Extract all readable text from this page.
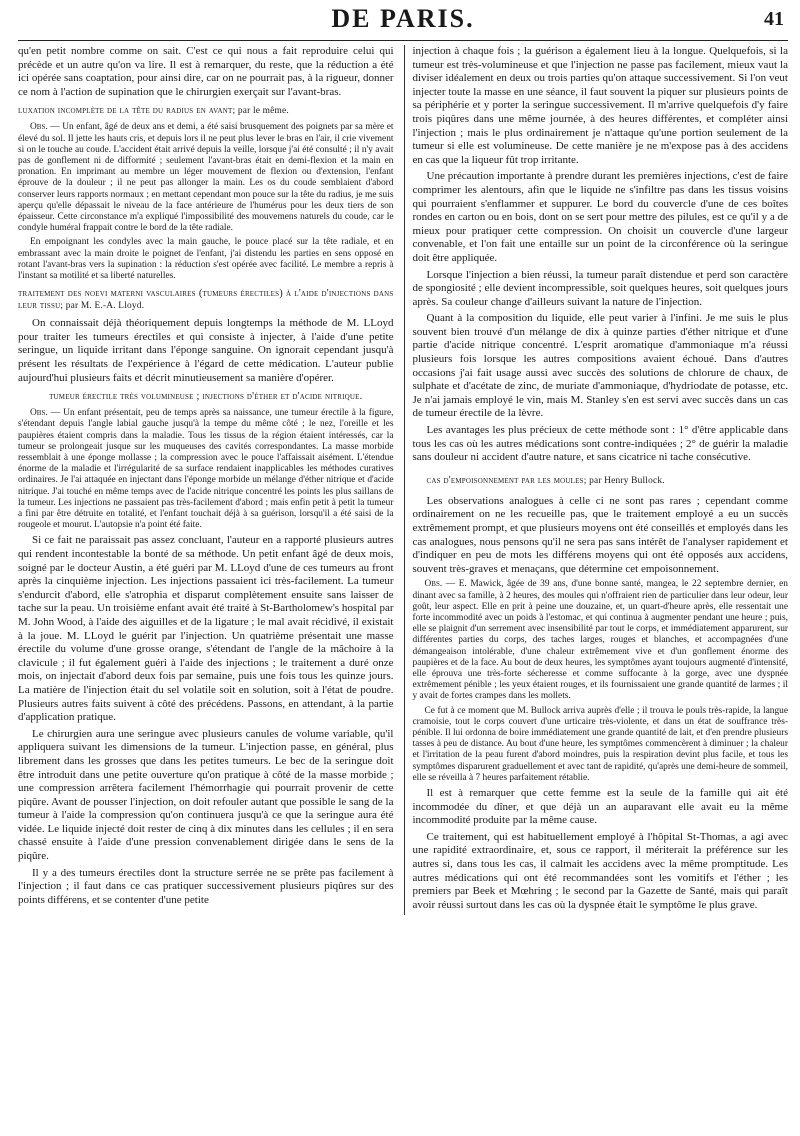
DE PARIS.	41

qu'en petit nombre comme on sait. C'est ce qui nous a fait reproduire celui qui précède et un autre qu'on va lire. Il est à remarquer, du reste, que la réduction a été ici opérée sans coaptation, pour ainsi dire, car on ne pourrait pas, à la rigueur, donner ce nom à l'action de supination que le chirurgien exerçait sur l'avant-bras.

luxation incomplète de la tête du radius en avant; par le même.

Obs. — Un enfant, âgé de deux ans et demi, a été saisi brusquement des poignets par sa mère et élevé du sol. Il jette les hauts cris, et depuis lors il ne peut plus lever le bras en l'air, il crie vivement si on le touche au coude. L'accident était arrivé depuis la veille, lorsque j'ai été consulté ; il n'y avait pas de gonflement ni de difformité ; seulement l'avant-bras était en demi-flexion et la main en pronation. En imprimant au membre un léger mouvement de flexion ou d'extension, l'enfant éprouve de la douleur ; il ne peut pas allonger la main. Les os du coude semblaient d'abord conserver leurs rapports normaux ; en mettant cependant mon pouce sur la tête du radius, je me suis aperçu qu'elle dépassait le niveau de la face antérieure de l'humérus pour les deux tiers de son épaisseur. Cette circonstance m'a expliqué l'impossibilité des mouvemens naturels du coude, car le condyle huméral frappait contre le bord de la tête radiale.

En empoignant les condyles avec la main gauche, le pouce placé sur la tête radiale, et en embrassant avec la main droite le poignet de l'enfant, j'ai distendu les parties en sens opposé en rotant l'avant-bras vers la supination : la réduction s'est opérée avec facilité. Le membre a repris à l'instant sa motilité et sa liberté naturelles.

traitement des noevi materni vasculaires (tumeurs érectiles) à l'aide d'injections dans leur tissu; par M. E.-A. Lloyd.

On connaissait déjà théoriquement depuis longtemps la méthode de M. LLoyd pour traiter les tumeurs érectiles et qui consiste à injecter, à l'aide d'une petite seringue, un liquide irritant dans l'éponge sanguine. On ignorait cependant jusqu'à présent les résultats de l'expérience à l'égard de cette médication. L'auteur publie aujourd'hui plusieurs faits et décrit minutieusement sa manière d'opérer.

tumeur érectile très volumineuse ; injections d'éther et d'acide nitrique.

Obs. — Un enfant présentait, peu de temps après sa naissance, une tumeur érectile à la figure, s'étendant depuis l'angle labial gauche jusqu'à la tempe du même côté ; le nez, l'oreille et les paupières étaient compris dans la maladie. Tous les tissus de la région étaient intéressés, car la tumeur se prolongeait jusque sur les muqueuses des cavités correspondantes. La masse morbide ressemblait à une éponge mollasse ; la compression avec le pouce l'affaissait aisément. L'étendue énorme de la maladie et l'irrégularité de sa surface rendaient inapplicables les méthodes curatives ordinaires. Je l'ai attaquée en injectant dans l'éponge morbide un mélange d'éther nitrique et d'acide nitrique. J'ai touché en même temps avec de l'acide nitrique concentré les points les plus saillans de la tumeur. Les injections ne passaient pas très-facilement d'abord ; mais enfin petit à petit la tumeur a fini par être détruite en totalité, et l'enfant touchait déjà à sa guérison, lorsqu'il a été saisi de la rougeole et mourut. L'autopsie n'a point été faite.

Si ce fait ne paraissait pas assez concluant, l'auteur en a rapporté plusieurs autres qui rendent incontestable la bonté de sa méthode. Un petit enfant âgé de deux mois, soigné par le docteur Austin, a été guéri par M. LLoyd d'une de ces tumeurs au front après la cinquième injection. Les injections passaient ici très-facilement. La tumeur s'endurcit d'abord, elle s'atrophia et disparut complètement ensuite sans laisser de tache sur la peau. Un troisième enfant avait été traité à St-Bartholomew's hospital par M. John Wood, à l'aide des aiguilles et de la ligature ; le mal avait récidivé, il existait à la joue. M. LLoyd le guérit par l'injection. Un quatrième présentait une masse érectile du volume d'une grosse orange, s'étendant de l'angle de la mâchoire à la clavicule ; il fut également guéri à l'aide des injections ; le traitement a duré onze mois, on injectait d'abord deux fois par semaine, puis une fois tous les quinze jours. La matière de l'injection était du sel volatile soit en solution, soit à l'état de poudre. Plusieurs autres faits suivent à côté des précédens. Passons, en attendant, à la partie d'application pratique.

Le chirurgien aura une seringue avec plusieurs canules de volume variable, qu'il appliquera suivant les dimensions de la tumeur. L'injection passe, en général, plus librement dans les grosses que dans les petites tumeurs. Le bec de la seringue doit être introduit dans une petite ouverture qu'on pratique à côté de la masse morbide ; une compression arrêtera facilement l'hémorrhagie qui pourrait provenir de cette piqûre. Avant de pousser l'injection, on doit refouler autant que possible le sang de la tumeur à l'aide la compression qu'on continuera jusqu'à ce que la seringue aura été vidée. Le liquide injecté doit rester de cinq à dix minutes dans les cellules ; il en sera chassé ensuite à l'aide d'une pression convenablement dirigée dans le sens de la piqûre.

Il y a des tumeurs érectiles dont la structure serrée ne se prête pas facilement à l'injection ; il faut dans ce cas pratiquer successivement plusieurs piqûres sur des points différens, et se contenter d'une petite

injection à chaque fois ; la guérison a également lieu à la longue. Quelquefois, si la tumeur est très-volumineuse et que l'injection ne passe pas facilement, mieux vaut la diviser idéalement en deux ou trois parties qu'on attaque successivement. Si l'on veut injecter toute la masse en une séance, il faut souvent la piquer sur plusieurs points de sa périphérie et y porter la seringue successivement. Il m'arrive quelquefois d'y faire trois piqûres dans une même journée, à des heures différentes, et compléter ainsi l'injection ; mais le plus ordinairement je n'attaque qu'une portion seulement de la tumeur si elle est volumineuse. De cette manière je ne m'expose pas à des accidens en cas que la liqueur fût trop irritante.

Une précaution importante à prendre durant les premières injections, c'est de faire comprimer les alentours, afin que le liquide ne s'infiltre pas dans les tissus voisins qui pourraient s'enflammer et suppurer. Le bord du couvercle d'une de ces boîtes rondes en carton ou en bois, dont on se sert pour mettre des pilules, est ce qu'il y a de mieux pour pratiquer cette compression. On choisit un couvercle d'une largeur convenable, et l'on fait une entaille sur un point de la circonférence où la seringue doit être appliquée.

Lorsque l'injection a bien réussi, la tumeur paraît distendue et perd son caractère de spongiosité ; elle devient incompressible, soit quelques heures, soit quelques jours après. Sa couleur change d'ailleurs suivant la nature de l'injection.

Quant à la composition du liquide, elle peut varier à l'infini. Je me suis le plus souvent bien trouvé d'un mélange de dix à quinze parties d'éther nitrique et d'une partie d'acide nitrique concentré. L'esprit aromatique d'ammoniaque m'a réussi plusieurs fois lorsque les autres compositions avaient échoué. Dans d'autres occasions j'ai fait usage aussi avec succès des solutions de chlorure de chaux, de sulphate et d'acétate de zinc, de muriate d'ammoniaque, d'hydriodate de potasse, etc. Je n'ai jamais employé le vin, mais M. Stanley s'en est servi avec succès dans un cas de tumeur érectile de la lèvre.

Les avantages les plus précieux de cette méthode sont : 1° d'être applicable dans tous les cas où les autres médications sont contre-indiquées ; 2° de guérir la maladie sans douleur ni accident d'autre nature, et sans cicatrice ni tache consécutive.

cas d'empoisonnement par les moules; par Henry Bullock.

Les observations analogues à celle ci ne sont pas rares ; cependant comme ordinairement on ne les recueille pas, que le traitement employé a eu un succès extrêmement prompt, et que plusieurs moyens ont été conseillés et employés dans les cas analogues, nous pensons qu'il ne sera pas sans intérêt de l'analyser rapidement et d'indiquer en peu de mots les différens moyens qui ont été opposés aux accidens, souvent très-graves et menaçans, que détermine cet empoisonnement.

Obs. — E. Mawick, âgée de 39 ans, d'une bonne santé, mangea, le 22 septembre dernier, en dinant avec sa famille, à 2 heures, des moules qui n'offraient rien de particulier dans leur odeur, leur goût, leur aspect. Elle en prit à peine une douzaine, et, un quart-d'heure après, elle ressentait une forte incommodité avec un poids à l'estomac, et qui continua à augmenter pendant une heure ; puis, elle se plaignit d'un serrement avec insensibilité par tout le corps, et immédiatement apparurent, sur différentes parties du corps, des taches larges, rouges et blanches, et accompagnées d'une démangeaison intolérable, d'une chaleur extrêmement vive et d'un gonflement énorme des paupières et de la face. Au bout de deux heures, les symptômes ayant toujours augmenté d'intensité, elle éprouva une très-forte sécheresse et comme suffocante à la gorge, avec une dyspnée extrêmement pénible ; les yeux étaient rouges, et ils fournissaient une grande quantité de larmes ; il y avait de fortes crampes dans les mollets.

Ce fut à ce moment que M. Bullock arriva auprès d'elle ; il trouva le pouls très-rapide, la langue cramoisie, tout le corps couvert d'une urticaire très-violente, et dans un état de souffrance très-pénible. Il lui ordonna de boire immédiatement une grande quantité de lait, et d'en prendre plusieurs tasses à peu de distance. Au bout d'une heure, les symptômes commencèrent à diminuer ; la chaleur et l'irritation de la peau furent d'abord moindres, puis la respiration devint plus facile, et tous les symptômes disparurent graduellement et avec tant de rapidité, qu'après une demi-heure de sommeil, elle se réveilla à 7 heures parfaitement rétablie.

Il est à remarquer que cette femme est la seule de la famille qui ait été incommodée du dîner, et que déjà un an auparavant elle avait eu la même incommodité produite par la même cause.

Ce traitement, qui est habituellement employé à l'hôpital St-Thomas, a agi avec une rapidité extraordinaire, et, sous ce rapport, il mériterait la préférence sur les autres si, dans tous les cas, il calmait les accidens avec la même promptitude. Les autres médications qui ont été recommandées sont les vomitifs et l'éther ; les premiers par Beek et Mœhring ; le second par la Gazette de Santé, mais qui paraît avoir réussi surtout dans les cas où la dyspnée était le symptôme le plus grave.
